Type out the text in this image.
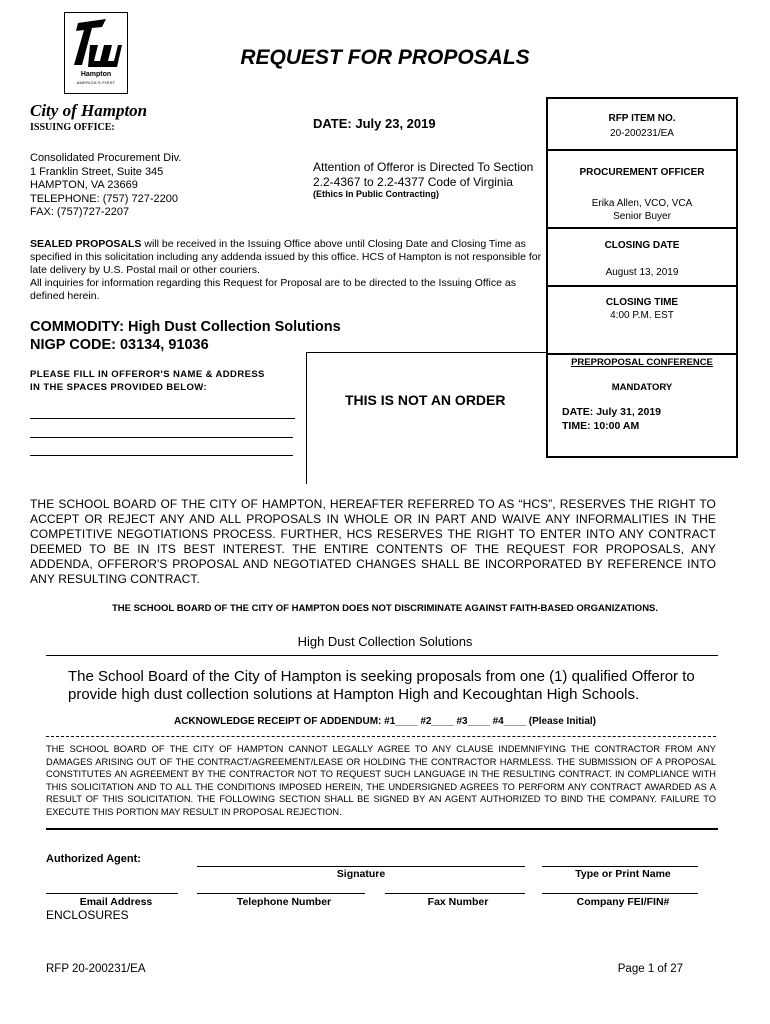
Hampton
AMERICA'S FIRST
REQUEST FOR PROPOSALS
City of Hampton
ISSUING OFFICE:	DATE: July 23, 2019
Consolidated Procurement Div.
1 Franklin Street, Suite 345
HAMPTON, VA 23669
TELEPHONE: (757) 727-2200
FAX: (757)727-2207
Attention of Offeror is Directed To Section
2.2-4367 to 2.2-4377 Code of Virginia
(Ethics In Public Contracting)
SEALED PROPOSALS will be received in the Issuing Office above until Closing Date and Closing Time as specified in this solicitation including any addenda issued by this office. HCS of Hampton is not responsible for late delivery by U.S. Postal mail or other couriers.
All inquiries for information regarding this Request for Proposal are to be directed to the Issuing Office as defined herein.
COMMODITY: High Dust Collection Solutions
NIGP CODE: 03134, 91036
PLEASE FILL IN OFFEROR'S NAME & ADDRESS
IN THE SPACES PROVIDED BELOW:
THIS IS NOT AN ORDER
RFP ITEM NO.
20-200231/EA
PROCUREMENT OFFICER
Erika Allen, VCO, VCA
Senior Buyer
CLOSING DATE
August 13, 2019
CLOSING TIME
4:00 P.M. EST
PREPROPOSAL CONFERENCE
MANDATORY
DATE: July 31, 2019
TIME: 10:00 AM
THE SCHOOL BOARD OF THE CITY OF HAMPTON, HEREAFTER REFERRED TO AS “HCS”, RESERVES THE RIGHT TO ACCEPT OR REJECT ANY AND ALL PROPOSALS IN WHOLE OR IN PART AND WAIVE ANY INFORMALITIES IN THE COMPETITIVE NEGOTIATIONS PROCESS. FURTHER, HCS RESERVES THE RIGHT TO ENTER INTO ANY CONTRACT DEEMED TO BE IN ITS BEST INTEREST. THE ENTIRE CONTENTS OF THE REQUEST FOR PROPOSALS, ANY ADDENDA, OFFEROR'S PROPOSAL AND NEGOTIATED CHANGES SHALL BE INCORPORATED BY REFERENCE INTO ANY RESULTING CONTRACT.
THE SCHOOL BOARD OF THE CITY OF HAMPTON DOES NOT DISCRIMINATE AGAINST FAITH-BASED ORGANIZATIONS.
High Dust Collection Solutions
The School Board of the City of Hampton is seeking proposals from one (1) qualified Offeror to provide high dust collection solutions at Hampton High and Kecoughtan High Schools.
ACKNOWLEDGE RECEIPT OF ADDENDUM: #1____ #2____ #3____ #4____ (Please Initial)
THE SCHOOL BOARD OF THE CITY OF HAMPTON CANNOT LEGALLY AGREE TO ANY CLAUSE INDEMNIFYING THE CONTRACTOR FROM ANY DAMAGES ARISING OUT OF THE CONTRACT/AGREEMENT/LEASE OR HOLDING THE CONTRACTOR HARMLESS. THE SUBMISSION OF A PROPOSAL CONSTITUTES AN AGREEMENT BY THE CONTRACTOR NOT TO REQUEST SUCH LANGUAGE IN THE RESULTING CONTRACT. IN COMPLIANCE WITH THIS SOLICITATION AND TO ALL THE CONDITIONS IMPOSED HEREIN, THE UNDERSIGNED AGREES TO PERFORM ANY CONTRACT AWARDED AS A RESULT OF THIS SOLICITATION. THE FOLLOWING SECTION SHALL BE SIGNED BY AN AGENT AUTHORIZED TO BIND THE COMPANY. FAILURE TO EXECUTE THIS PORTION MAY RESULT IN PROPOSAL REJECTION.
Authorized Agent:
Signature	Type or Print Name
Email Address	Telephone Number	Fax Number	Company FEI/FIN#
ENCLOSURES
RFP 20-200231/EA	Page 1 of 27
